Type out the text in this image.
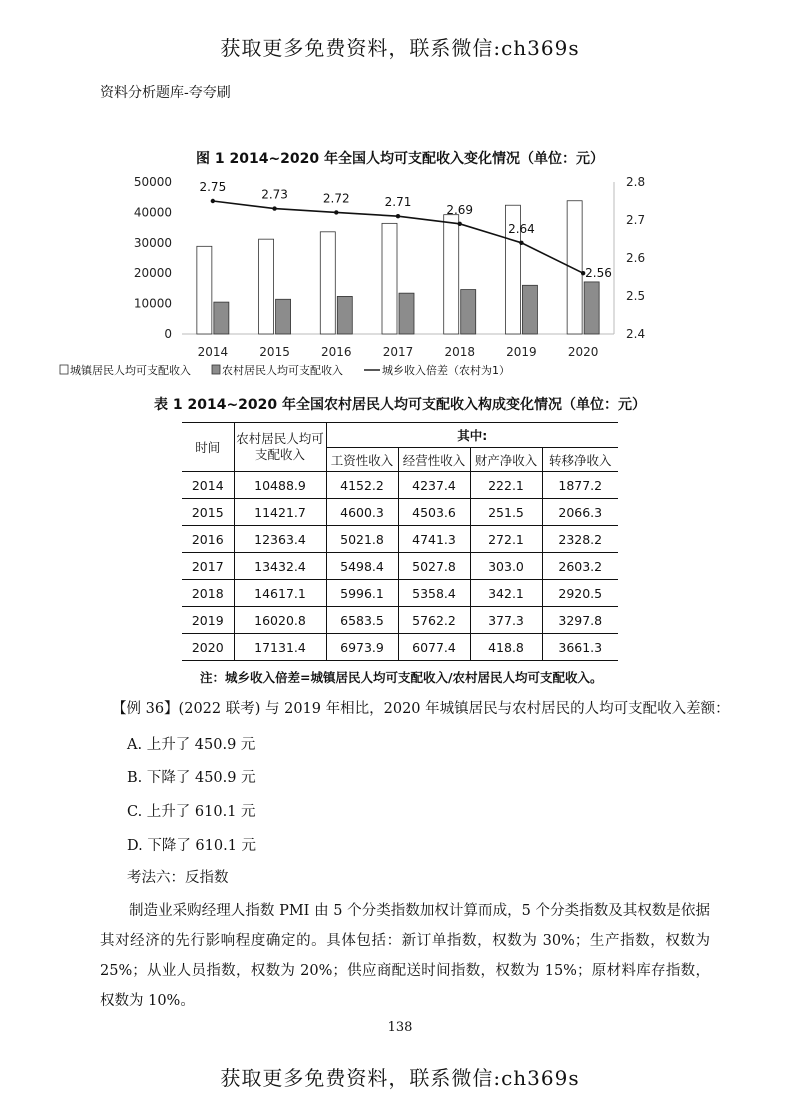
获取更多免费资料，联系微信:ch369s
资料分析题库-夸夸刷
图 1 2014~2020 年全国人均可支配收入变化情况（单位：元）
0
10000
20000
30000
40000
50000
2.4
2.5
2.6
2.7
2.8
2014	2015	2016	2017	2018	2019	2020
2.75
2.73	2.72	2.71
2.69
2.64
2.56
城镇居民人均可支配收入	农村居民人均可支配收入	城乡收入倍差（农村为1）
表 1 2014~2020 年全国农村居民人均可支配收入构成变化情况（单位：元）
时间	农村居民人均可支配收入	其中:			
		工资性收入	经营性收入	财产净收入	转移净收入
2014	10488.9	4152.2	4237.4	222.1	1877.2
2015	11421.7	4600.3	4503.6	251.5	2066.3
2016	12363.4	5021.8	4741.3	272.1	2328.2
2017	13432.4	5498.4	5027.8	303.0	2603.2
2018	14617.1	5996.1	5358.4	342.1	2920.5
2019	16020.8	6583.5	5762.2	377.3	3297.8
2020	17131.4	6973.9	6077.4	418.8	3661.3
注：城乡收入倍差=城镇居民人均可支配收入/农村居民人均可支配收入。
【例 36】(2022 联考) 与 2019 年相比，2020 年城镇居民与农村居民的人均可支配收入差额：
A. 上升了 450.9 元
B. 下降了 450.9 元
C. 上升了 610.1 元
D. 下降了 610.1 元
考法六：反指数
制造业采购经理人指数 PMI 由 5 个分类指数加权计算而成，5 个分类指数及其权数是依据其对经济的先行影响程度确定的。具体包括：新订单指数，权数为 30%；生产指数，权数为 25%；从业人员指数，权数为 20%；供应商配送时间指数，权数为 15%；原材料库存指数，权数为 10%。
138
获取更多免费资料，联系微信:ch369s
